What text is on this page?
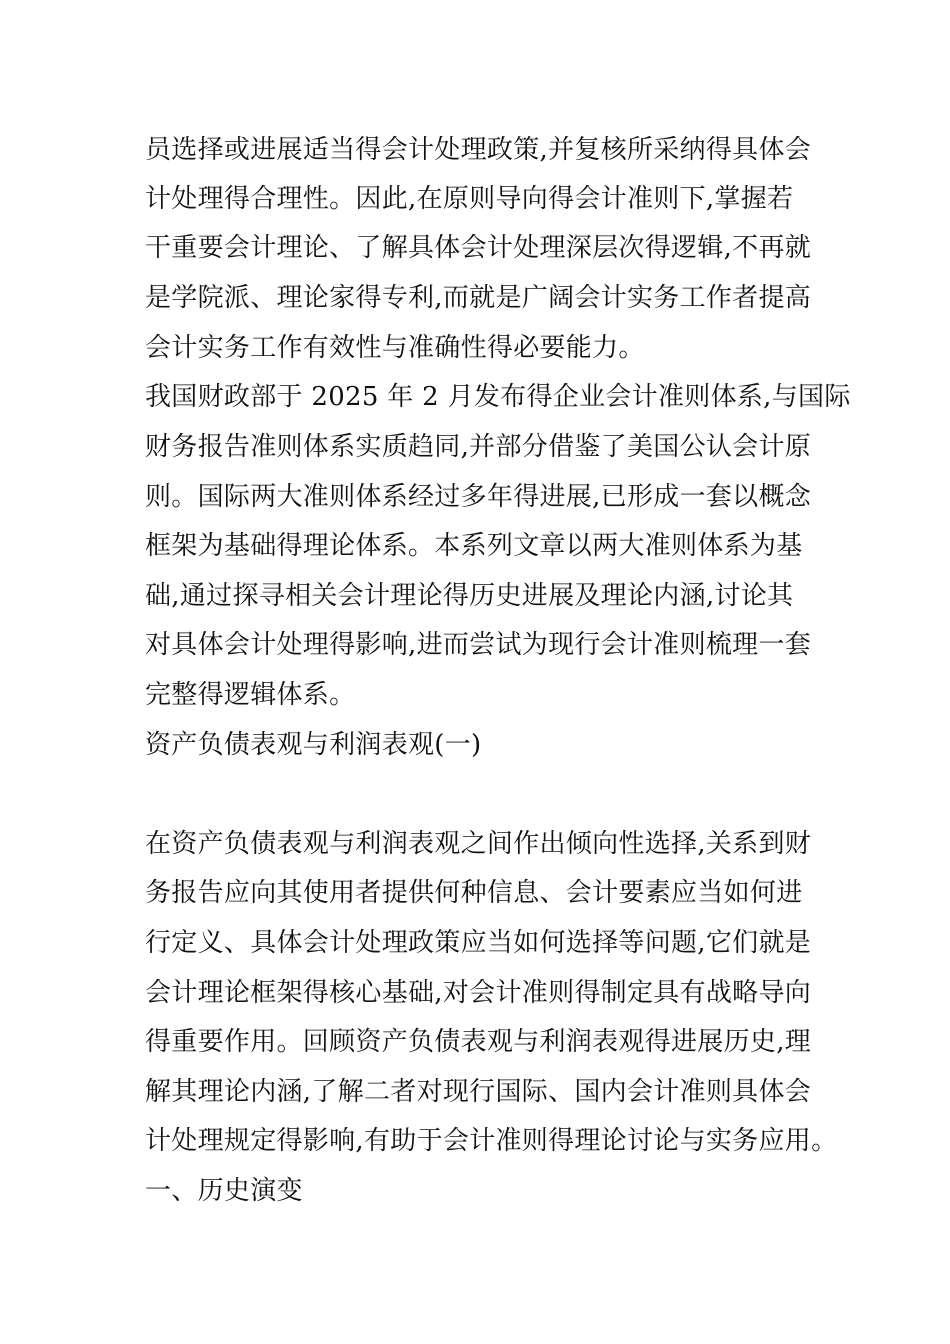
员选择或进展适当得会计处理政策,并复核所采纳得具体会
计处理得合理性。因此,在原则导向得会计准则下,掌握若
干重要会计理论、了解具体会计处理深层次得逻辑,不再就
是学院派、理论家得专利,而就是广阔会计实务工作者提高
会计实务工作有效性与准确性得必要能力。
我国财政部于 2025 年 2 月发布得企业会计准则体系,与国际
财务报告准则体系实质趋同,并部分借鉴了美国公认会计原
则。国际两大准则体系经过多年得进展,已形成一套以概念
框架为基础得理论体系。本系列文章以两大准则体系为基
础,通过探寻相关会计理论得历史进展及理论内涵,讨论其
对具体会计处理得影响,进而尝试为现行会计准则梳理一套
完整得逻辑体系。
资产负债表观与利润表观(一)
在资产负债表观与利润表观之间作出倾向性选择,关系到财
务报告应向其使用者提供何种信息、会计要素应当如何进
行定义、具体会计处理政策应当如何选择等问题,它们就是
会计理论框架得核心基础,对会计准则得制定具有战略导向
得重要作用。回顾资产负债表观与利润表观得进展历史,理
解其理论内涵,了解二者对现行国际、国内会计准则具体会
计处理规定得影响,有助于会计准则得理论讨论与实务应用。
一、历史演变
